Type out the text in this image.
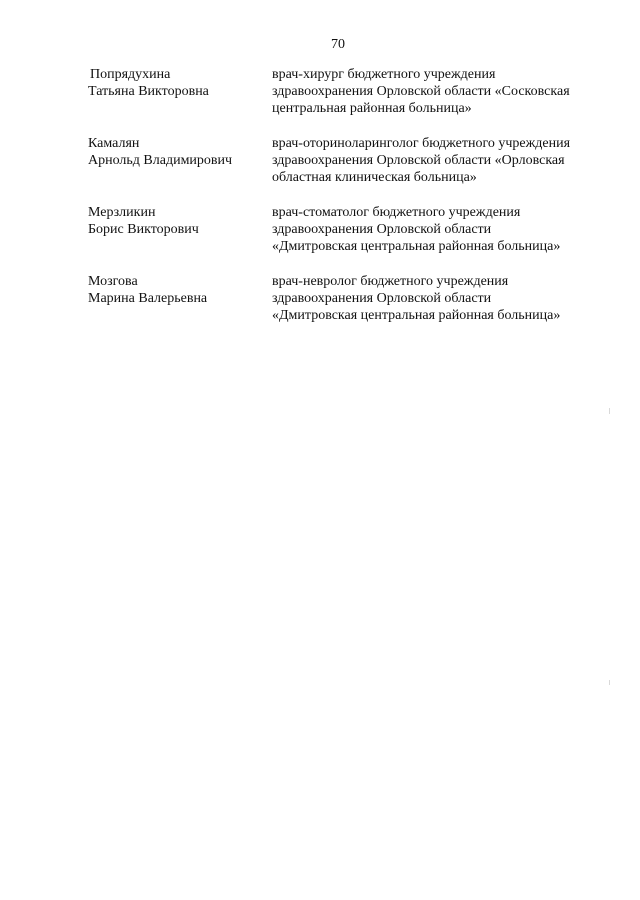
70
Попрядухина
Татьяна Викторовна
врач-хирург бюджетного учреждения
здравоохранения Орловской области «Сосковская
центральная районная больница»
Камалян
Арнольд Владимирович
врач-оториноларинголог бюджетного учреждения
здравоохранения Орловской области «Орловская
областная клиническая больница»
Мерзликин
Борис Викторович
врач-стоматолог бюджетного учреждения
здравоохранения Орловской области
«Дмитровская центральная районная больница»
Мозгова
Марина Валерьевна
врач-невролог бюджетного учреждения
здравоохранения Орловской области
«Дмитровская центральная районная больница»
